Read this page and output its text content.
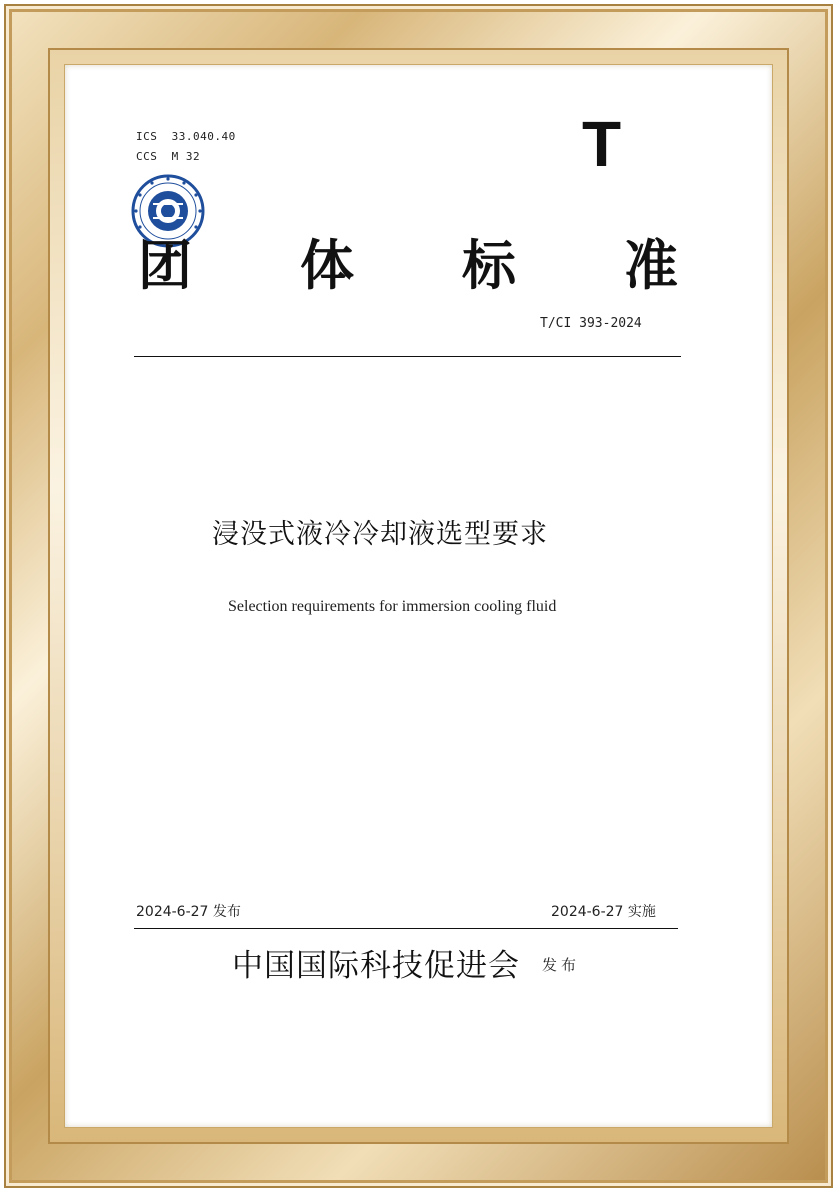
ICS  33.040.40
CCS  M 32	T
团 体 标 准
T/CI 393-2024
浸没式液冷冷却液选型要求
Selection requirements for immersion cooling fluid
2024-6-27 发布	2024-6-27 实施
中国国际科技促进会 发布
